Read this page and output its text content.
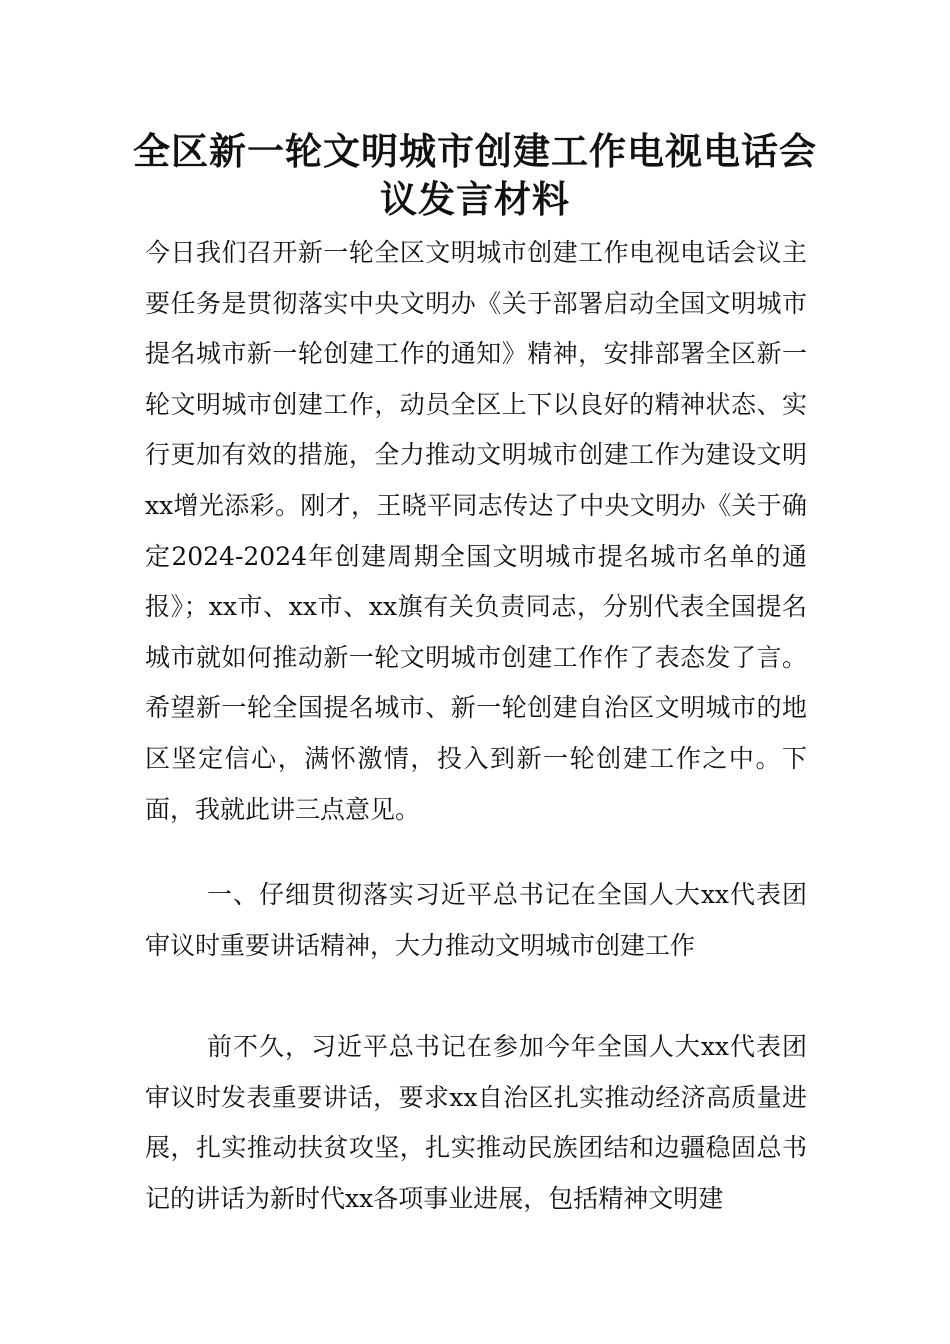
全区新一轮文明城市创建工作电视电话会议发言材料

今日我们召开新一轮全区文明城市创建工作电视电话会议主要任务是贯彻落实中央文明办《关于部署启动全国文明城市提名城市新一轮创建工作的通知》精神，安排部署全区新一轮文明城市创建工作，动员全区上下以良好的精神状态、实行更加有效的措施，全力推动文明城市创建工作为建设文明xx增光添彩。刚才，王晓平同志传达了中央文明办《关于确定2024-2024年创建周期全国文明城市提名城市名单的通报》；xx市、xx市、xx旗有关负责同志，分别代表全国提名城市就如何推动新一轮文明城市创建工作作了表态发了言。希望新一轮全国提名城市、新一轮创建自治区文明城市的地区坚定信心，满怀激情，投入到新一轮创建工作之中。下面，我就此讲三点意见。

一、仔细贯彻落实习近平总书记在全国人大xx代表团审议时重要讲话精神，大力推动文明城市创建工作

前不久，习近平总书记在参加今年全国人大xx代表团审议时发表重要讲话，要求xx自治区扎实推动经济高质量进展，扎实推动扶贫攻坚，扎实推动民族团结和边疆稳固总书记的讲话为新时代xx各项事业进展，包括精神文明建
